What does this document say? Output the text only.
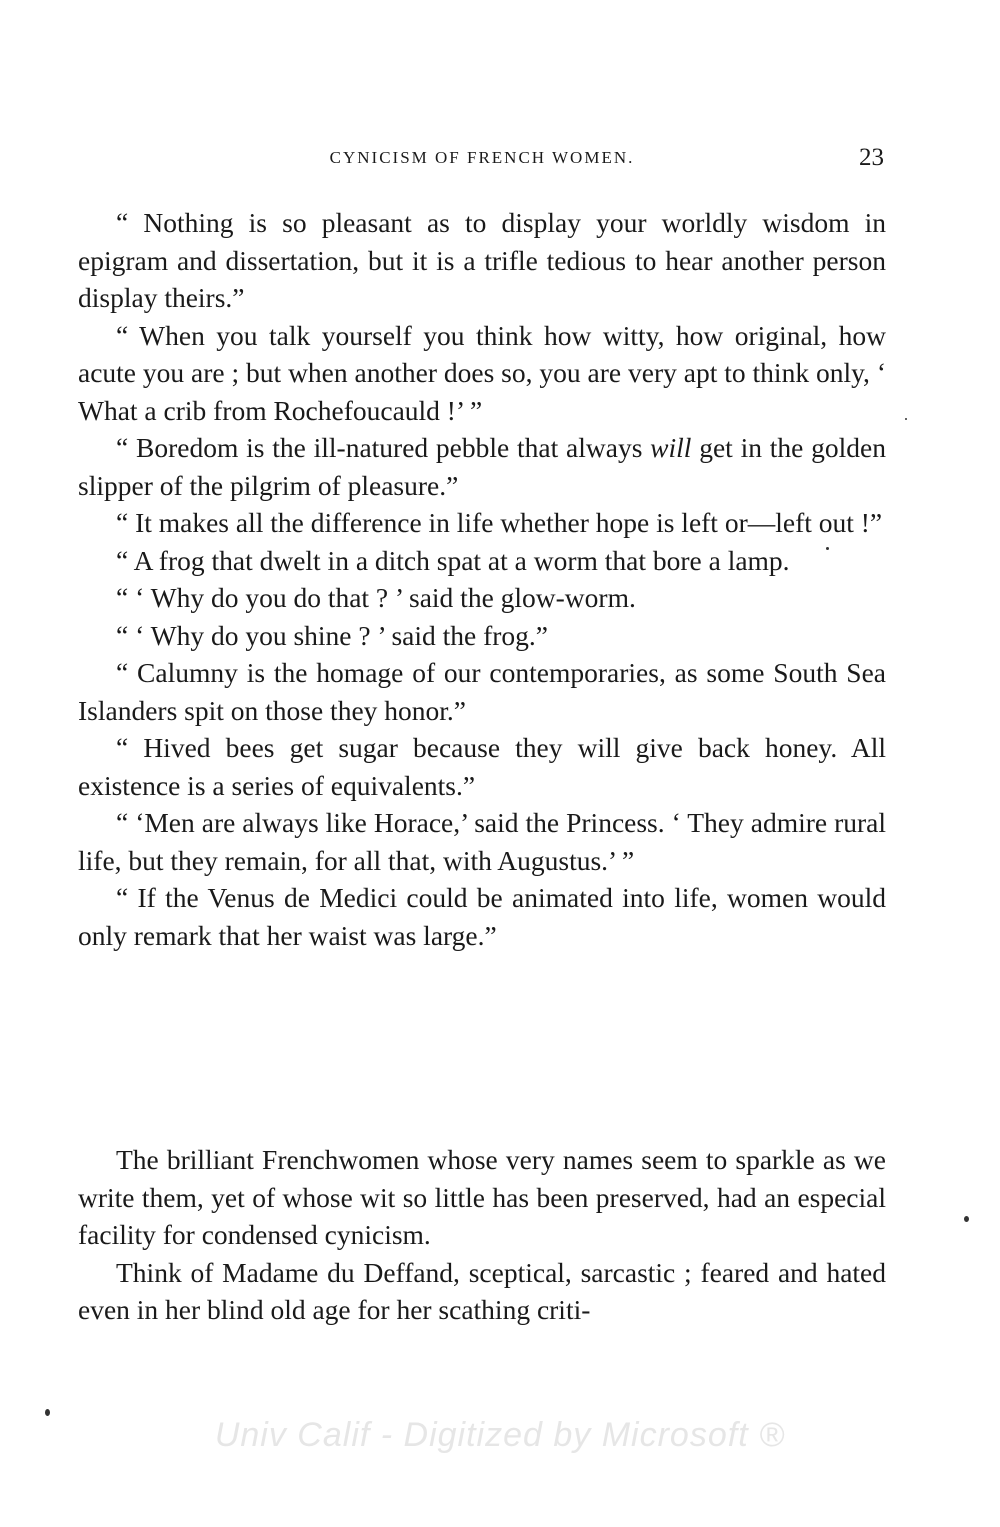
CYNICISM OF FRENCH WOMEN.	23

“ Nothing is so pleasant as to display your worldly wisdom in epigram and dissertation, but it is a trifle tedious to hear another person display theirs.”

“ When you talk yourself you think how witty, how original, how acute you are ; but when another does so, you are very apt to think only, ‘ What a crib from Rochefoucauld !’ ”

“ Boredom is the ill-natured pebble that always will get in the golden slipper of the pilgrim of pleasure.”

“ It makes all the difference in life whether hope is left or—left out !”

“ A frog that dwelt in a ditch spat at a worm that bore a lamp.

“ ‘ Why do you do that ? ’ said the glow-worm.

“ ‘ Why do you shine ? ’ said the frog.”

“ Calumny is the homage of our contemporaries, as some South Sea Islanders spit on those they honor.”

“ Hived bees get sugar because they will give back honey. All existence is a series of equivalents.”

“ ‘Men are always like Horace,’ said the Princess. ‘ They admire rural life, but they remain, for all that, with Augustus.’ ”

“ If the Venus de Medici could be animated into life, women would only remark that her waist was large.”

The brilliant Frenchwomen whose very names seem to sparkle as we write them, yet of whose wit so little has been preserved, had an especial facility for condensed cynicism.

Think of Madame du Deffand, sceptical, sarcastic ; feared and hated even in her blind old age for her scathing criti-

Univ Calif - Digitized by Microsoft ®
